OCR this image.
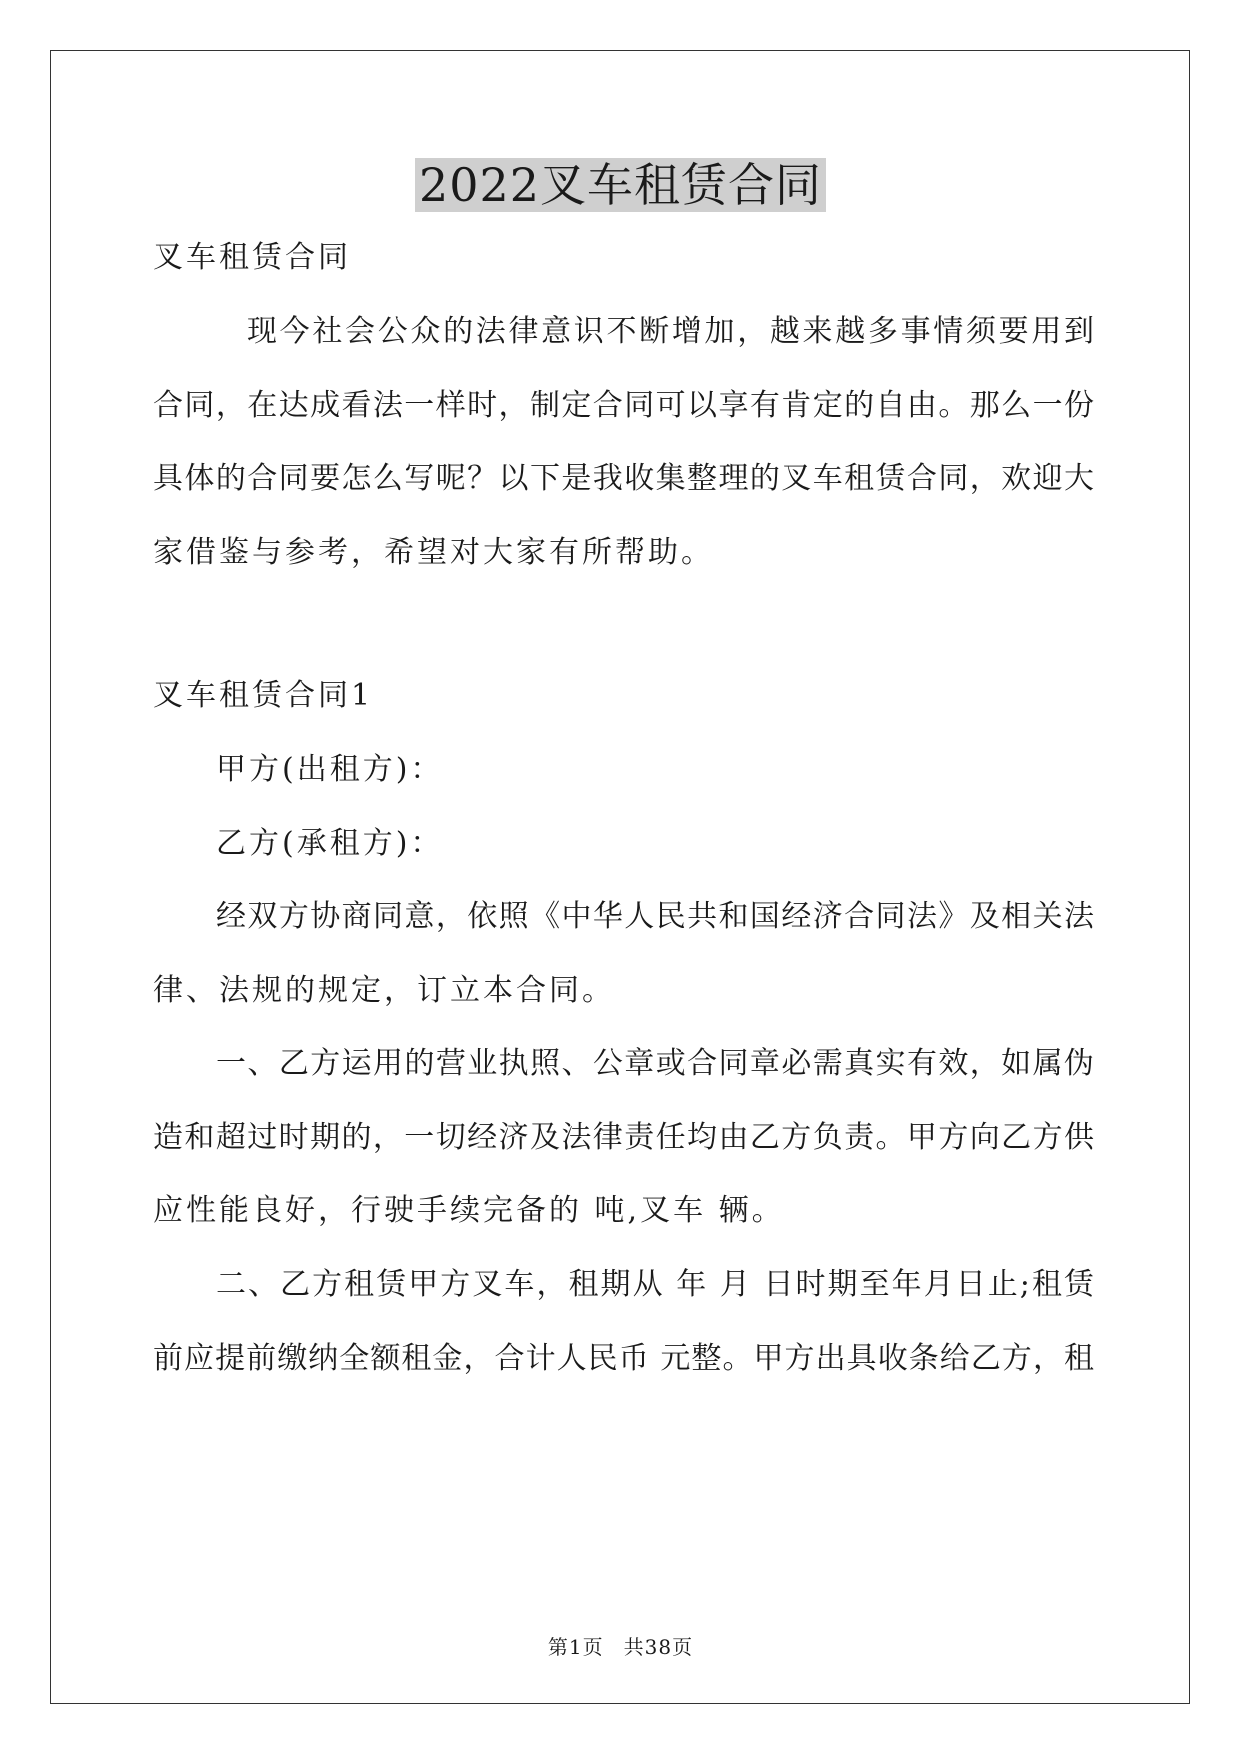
2022叉车租赁合同
叉车租赁合同
现今社会公众的法律意识不断增加，越来越多事情须要用到
合同，在达成看法一样时，制定合同可以享有肯定的自由。那么一份
具体的合同要怎么写呢？以下是我收集整理的叉车租赁合同，欢迎大
家借鉴与参考，希望对大家有所帮助。
叉车租赁合同1
甲方(出租方)：
乙方(承租方)：
经双方协商同意，依照《中华人民共和国经济合同法》及相关法
律、法规的规定，订立本合同。
一、乙方运用的营业执照、公章或合同章必需真实有效，如属伪
造和超过时期的，一切经济及法律责任均由乙方负责。甲方向乙方供
应性能良好，行驶手续完备的 吨,叉车 辆。
二、乙方租赁甲方叉车，租期从 年 月 日时期至年月日止;租赁
前应提前缴纳全额租金，合计人民币 元整。甲方出具收条给乙方，租
第1页 共38页
